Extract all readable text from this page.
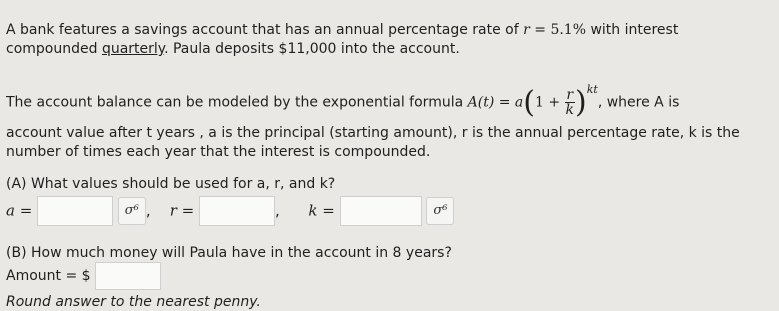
A bank features a savings account that has an annual percentage rate of r = 5.1% with interest
compounded quarterly. Paula deposits $11,000 into the account.
The account balance can be modeled by the exponential formula $A(t) = a(1 + \frac{r}{k} )^{kt}$, where A is
account value after t years , a is the principal (starting amount), r is the annual percentage rate, k is the
number of times each year that the interest is compounded.
(A) What values should be used for a, r, and k?
a =	σ⁶ , r =	, k =	σ⁶
(B) How much money will Paula have in the account in 8 years?
Amount = $
Round answer to the nearest penny.
